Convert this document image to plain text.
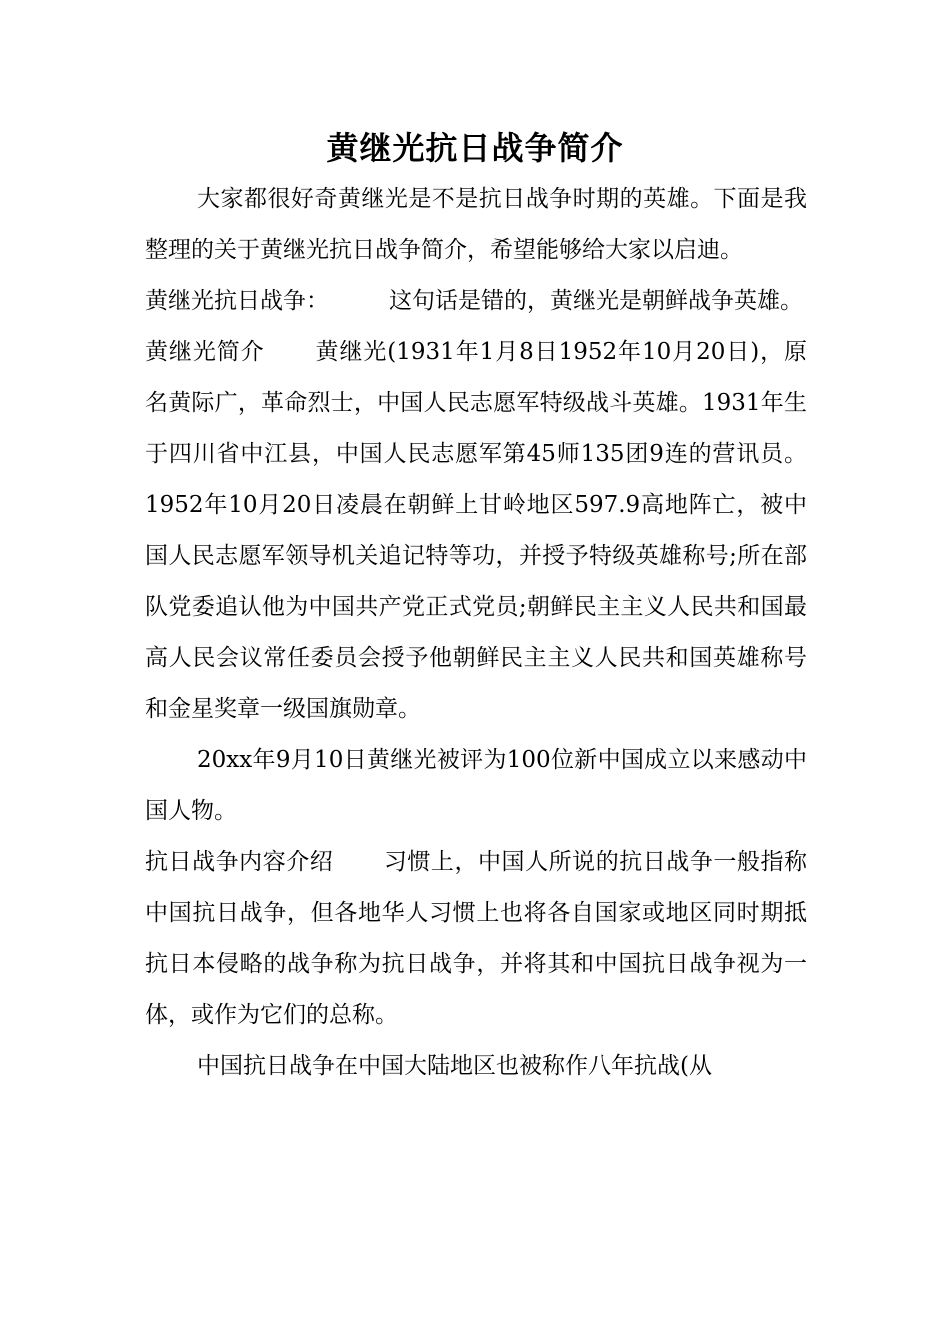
黄继光抗日战争简介

大家都很好奇黄继光是不是抗日战争时期的英雄。下面是我整理的关于黄继光抗日战争简介，希望能够给大家以启迪。

黄继光抗日战争：	这句话是错的，黄继光是朝鲜战争英雄。

黄继光简介 黄继光(1931年1月8日1952年10月20日)，原名黄际广，革命烈士，中国人民志愿军特级战斗英雄。1931年生于四川省中江县，中国人民志愿军第45师135团9连的营讯员。1952年10月20日凌晨在朝鲜上甘岭地区597.9高地阵亡，被中国人民志愿军领导机关追记特等功，并授予特级英雄称号;所在部队党委追认他为中国共产党正式党员;朝鲜民主主义人民共和国最高人民会议常任委员会授予他朝鲜民主主义人民共和国英雄称号和金星奖章一级国旗勋章。

20xx年9月10日黄继光被评为100位新中国成立以来感动中国人物。

抗日战争内容介绍 习惯上，中国人所说的抗日战争一般指称中国抗日战争，但各地华人习惯上也将各自国家或地区同时期抵抗日本侵略的战争称为抗日战争，并将其和中国抗日战争视为一体，或作为它们的总称。

中国抗日战争在中国大陆地区也被称作八年抗战(从
